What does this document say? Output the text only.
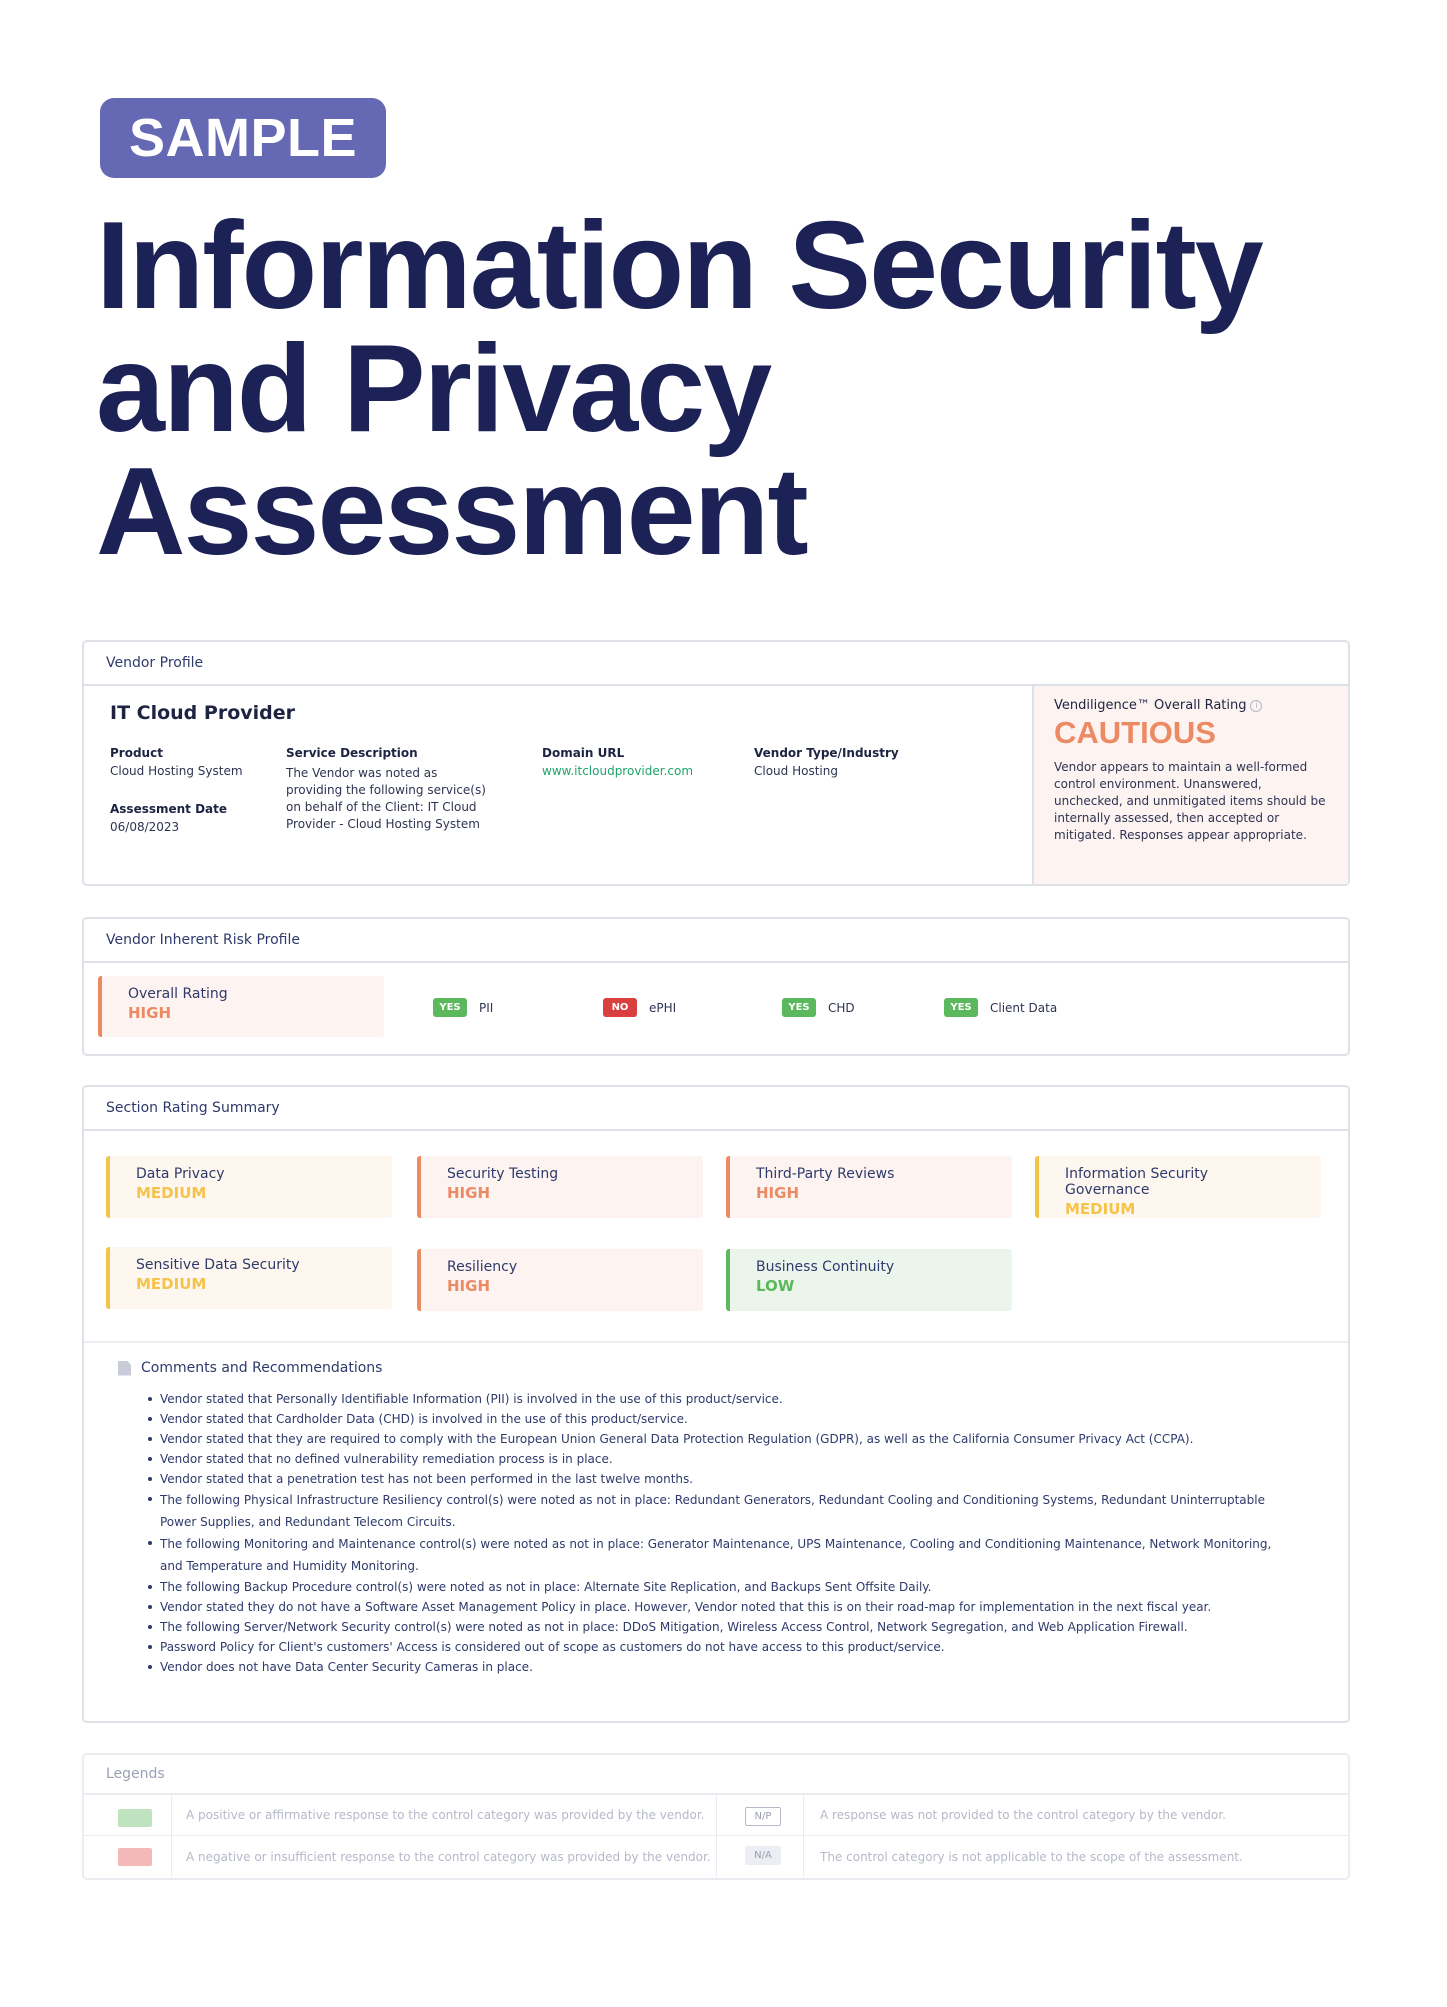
SAMPLE
Information Security and Privacy Assessment
Vendor Profile
IT Cloud Provider
Product
Cloud Hosting System
Assessment Date
06/08/2023
Service Description
The Vendor was noted as providing the following service(s) on behalf of the Client: IT Cloud Provider - Cloud Hosting System
Domain URL
www.itcloudprovider.com
Vendor Type/Industry
Cloud Hosting
Vendiligence™ Overall Rating i
CAUTIOUS
Vendor appears to maintain a well-formed control environment. Unanswered, unchecked, and unmitigated items should be internally assessed, then accepted or mitigated. Responses appear appropriate.
Vendor Inherent Risk Profile
Overall Rating
HIGH	YES	PII	NO	ePHI	YES	CHD	YES	Client Data
Section Rating Summary
Data Privacy
MEDIUM
Security Testing
HIGH
Third-Party Reviews
HIGH
Information Security Governance
MEDIUM
Sensitive Data Security
MEDIUM
Resiliency
HIGH
Business Continuity
LOW
Comments and Recommendations
Vendor stated that Personally Identifiable Information (PII) is involved in the use of this product/service.
Vendor stated that Cardholder Data (CHD) is involved in the use of this product/service.
Vendor stated that they are required to comply with the European Union General Data Protection Regulation (GDPR), as well as the California Consumer Privacy Act (CCPA).
Vendor stated that no defined vulnerability remediation process is in place.
Vendor stated that a penetration test has not been performed in the last twelve months.
The following Physical Infrastructure Resiliency control(s) were noted as not in place: Redundant Generators, Redundant Cooling and Conditioning Systems, Redundant Uninterruptable Power Supplies, and Redundant Telecom Circuits.
The following Monitoring and Maintenance control(s) were noted as not in place: Generator Maintenance, UPS Maintenance, Cooling and Conditioning Maintenance, Network Monitoring, and Temperature and Humidity Monitoring.
The following Backup Procedure control(s) were noted as not in place: Alternate Site Replication, and Backups Sent Offsite Daily.
Vendor stated they do not have a Software Asset Management Policy in place. However, Vendor noted that this is on their road-map for implementation in the next fiscal year.
The following Server/Network Security control(s) were noted as not in place: DDoS Mitigation, Wireless Access Control, Network Segregation, and Web Application Firewall.
Password Policy for Client's customers' Access is considered out of scope as customers do not have access to this product/service.
Vendor does not have Data Center Security Cameras in place.
Legends
A positive or affirmative response to the control category was provided by the vendor.	N/P	A response was not provided to the control category by the vendor.
A negative or insufficient response to the control category was provided by the vendor.	N/A	The control category is not applicable to the scope of the assessment.
